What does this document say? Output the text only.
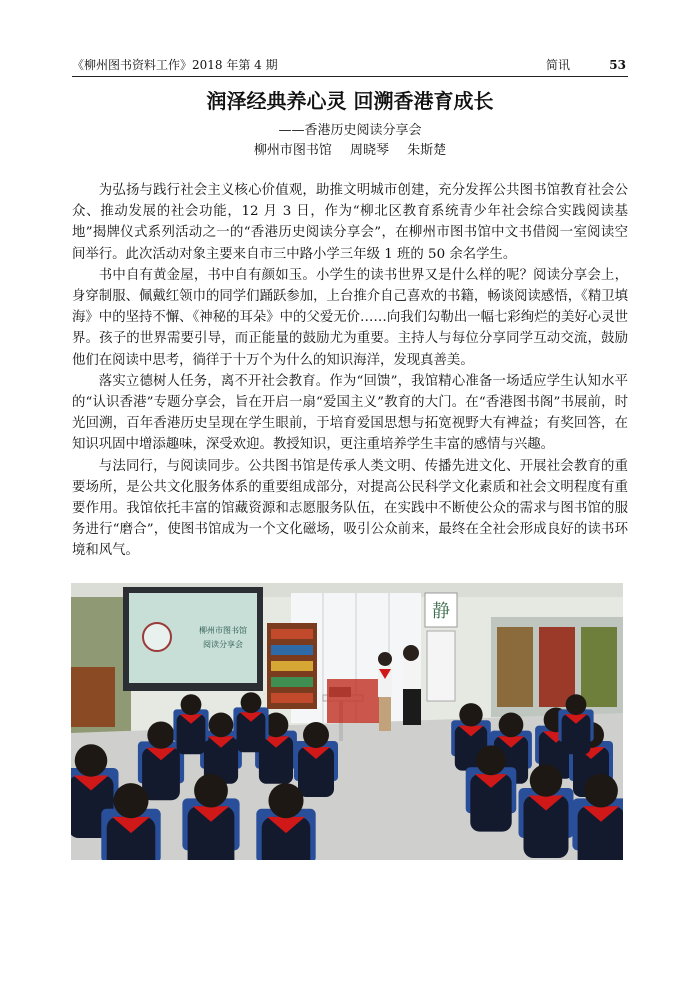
《柳州图书资料工作》2018 年第 4 期	简讯	53
润泽经典养心灵 回溯香港育成长
——香港历史阅读分享会
柳州市图书馆 周晓琴 朱斯楚

为弘扬与践行社会主义核心价值观，助推文明城市创建，充分发挥公共图书馆教育社会公众、推动发展的社会功能，12 月 3 日，作为“柳北区教育系统青少年社会综合实践阅读基地”揭牌仪式系列活动之一的“香港历史阅读分享会”，在柳州市图书馆中文书借阅一室阅读空间举行。此次活动对象主要来自市三中路小学三年级 1 班的 50 余名学生。

书中自有黄金屋，书中自有颜如玉。小学生的读书世界又是什么样的呢？阅读分享会上，身穿制服、佩戴红领巾的同学们踊跃参加，上台推介自己喜欢的书籍，畅谈阅读感悟，《精卫填海》中的坚持不懈、《神秘的耳朵》中的父爱无价……向我们勾勒出一幅七彩绚烂的美好心灵世界。孩子的世界需要引导，而正能量的鼓励尤为重要。主持人与每位分享同学互动交流，鼓励他们在阅读中思考，徜徉于十万个为什么的知识海洋，发现真善美。

落实立德树人任务，离不开社会教育。作为“回馈”，我馆精心准备一场适应学生认知水平的“认识香港”专题分享会，旨在开启一扇“爱国主义”教育的大门。在“香港图书阁”书展前，时光回溯，百年香港历史呈现在学生眼前，于培育爱国思想与拓宽视野大有裨益；有奖回答，在知识巩固中增添趣味，深受欢迎。教授知识，更注重培养学生丰富的感情与兴趣。

与法同行，与阅读同步。公共图书馆是传承人类文明、传播先进文化、开展社会教育的重要场所，是公共文化服务体系的重要组成部分，对提高公民科学文化素质和社会文明程度有重要作用。我馆依托丰富的馆藏资源和志愿服务队伍，在实践中不断使公众的需求与图书馆的服务进行“磨合”，使图书馆成为一个文化磁场，吸引公众前来，最终在全社会形成良好的读书环境和风气。

柳州市图书馆
阅读分享会
静
